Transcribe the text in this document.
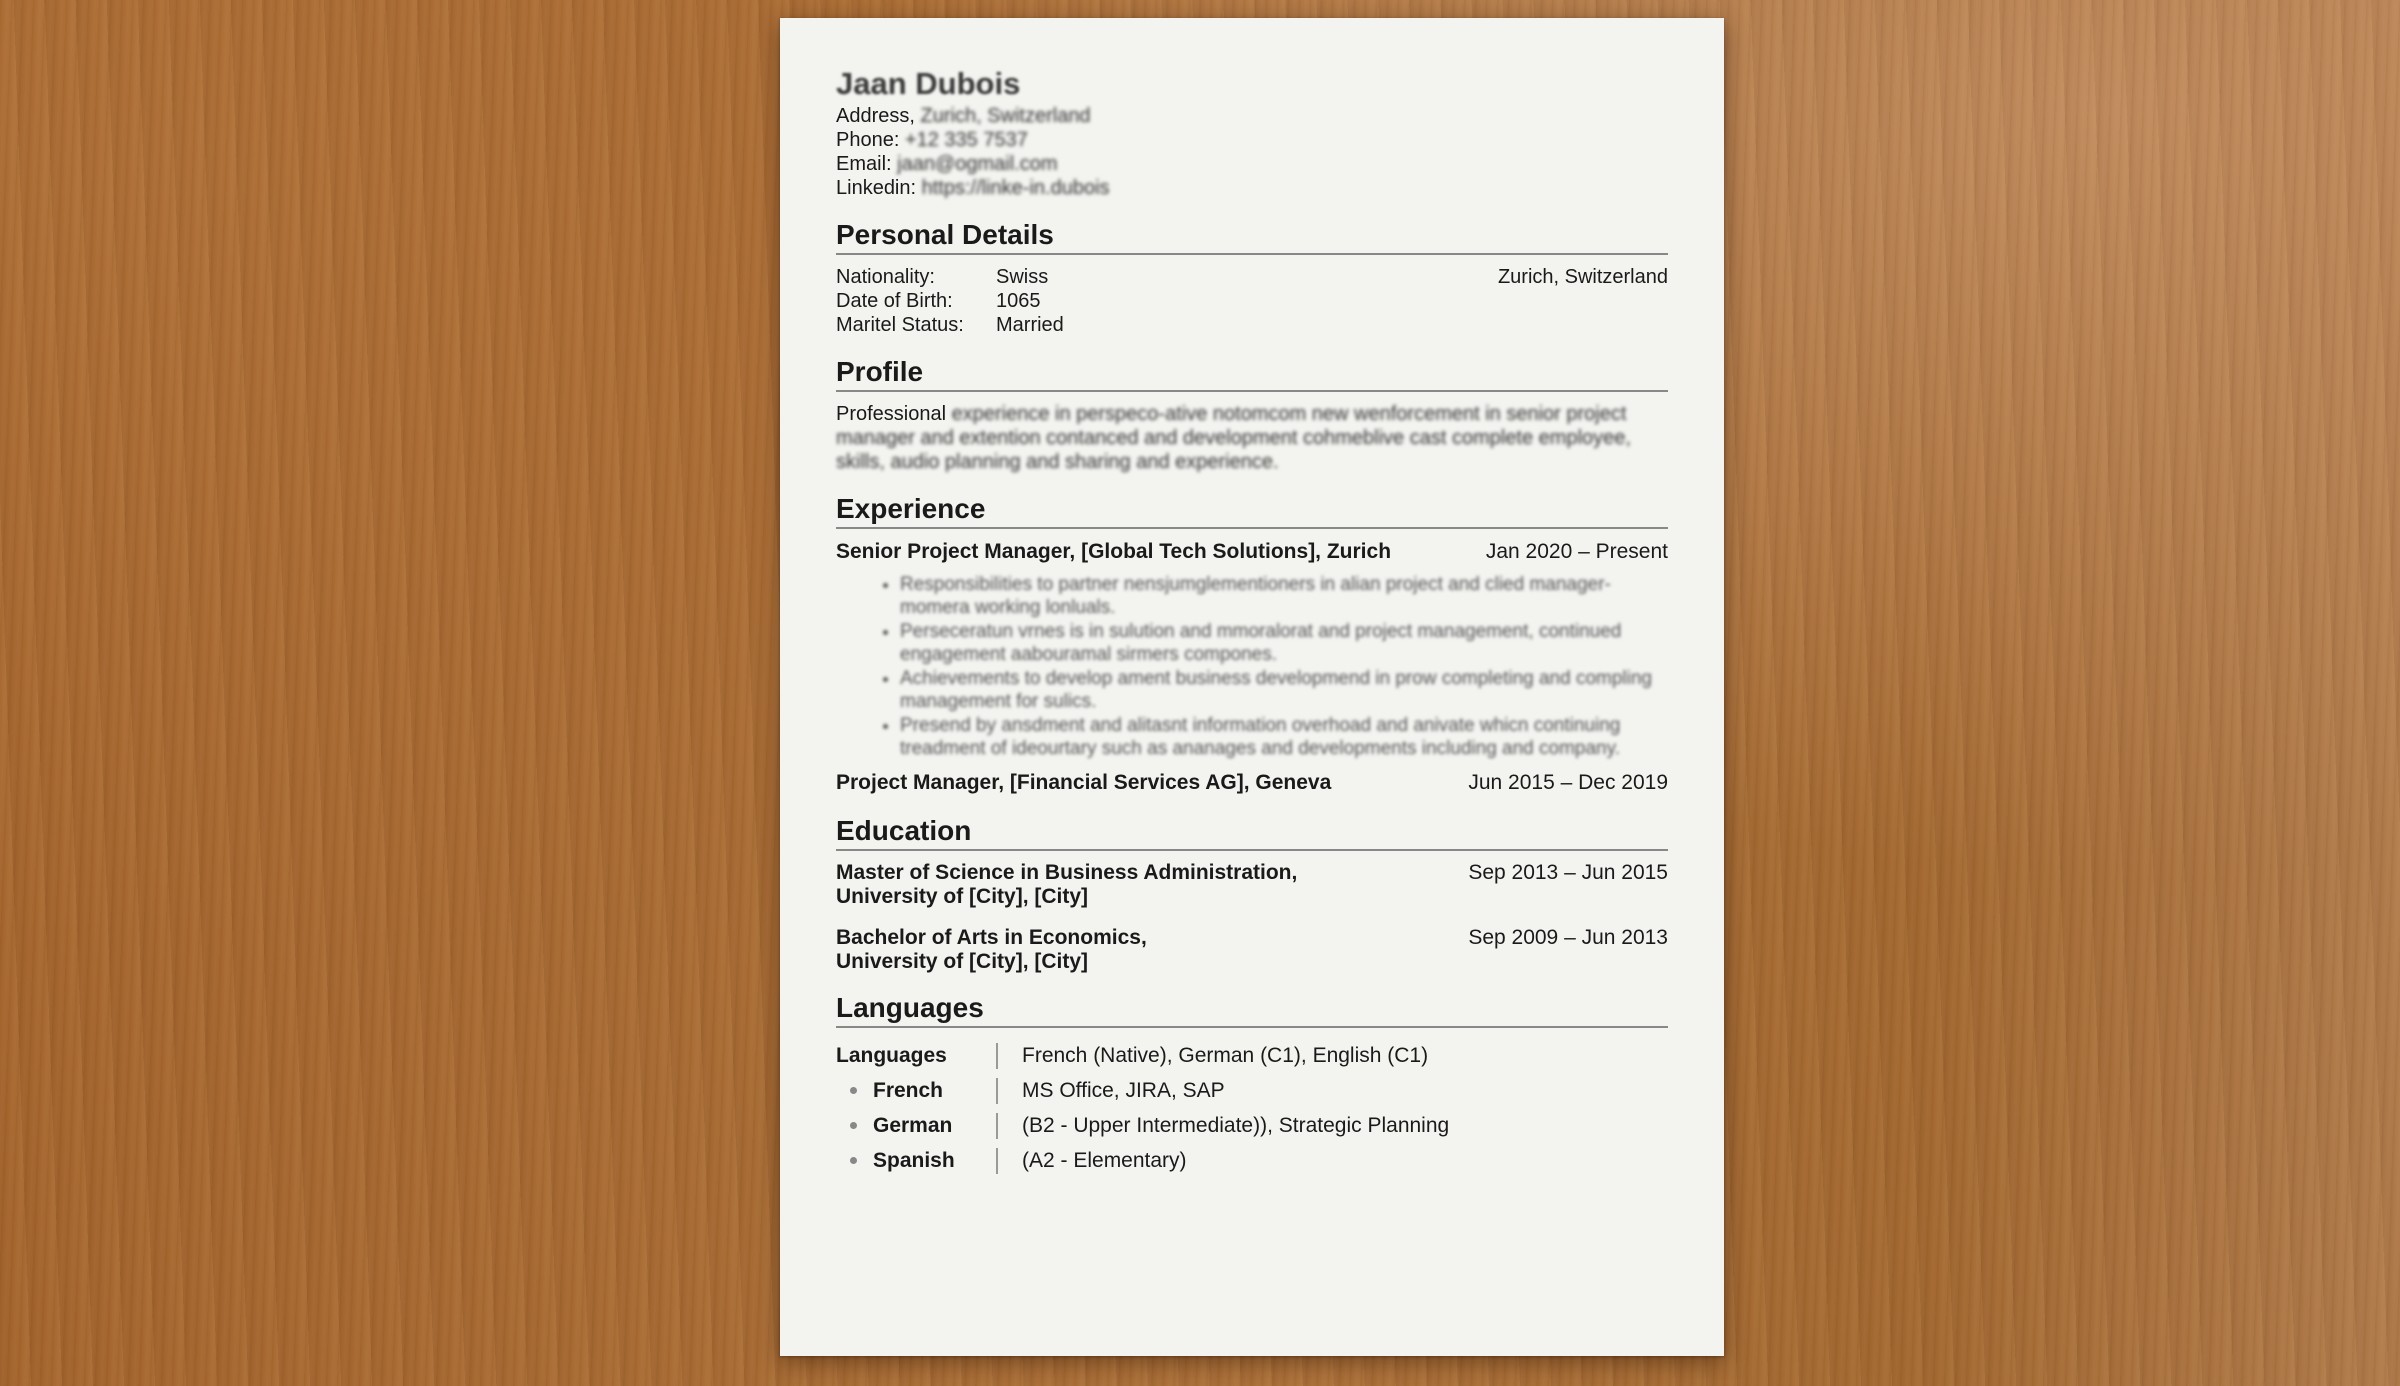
Jaan Dubois
Address, Zurich, Switzerland
Phone: +12 335 7537
Email: jaan@ogmail.com
Linkedin: https://linke-in.dubois
Personal Details
Nationality:	Swiss	Zurich, Switzerland
Date of Birth:	1065
Maritel Status:	Married
Profile
Professional experience in perspeco-ative notomcom new wenforcement in senior project manager and extention contanced and development cohmeblive cast complete employee, skills, audio planning and sharing and experience.
Experience
Senior Project Manager, [Global Tech Solutions], Zurich	Jan 2020 – Present
• Responsibilities to partner nensjumglementioners in alian project and clied manager-momera working lonluals.
• Perseceratun vrnes is in sulution and mmoralorat and project management, continued engagement aabouramal sirmers compones.
• Achievements to develop ament business developmend in prow completing and compling management for sulics.
• Presend by ansdment and alitasnt information overhoad and anivate whicn continuing treadment of ideourtary such as ananages and developments including and company.
Project Manager, [Financial Services AG], Geneva	Jun 2015 – Dec 2019
Education
Master of Science in Business Administration,
University of [City], [City]
Sep 2013 – Jun 2015
Bachelor of Arts in Economics,
University of [City], [City]
Sep 2009 – Jun 2013
Languages
Languages	French (Native), German (C1), English (C1)
French	MS Office, JIRA, SAP
German	(B2 - Upper Intermediate)), Strategic Planning
Spanish	(A2 - Elementary)
